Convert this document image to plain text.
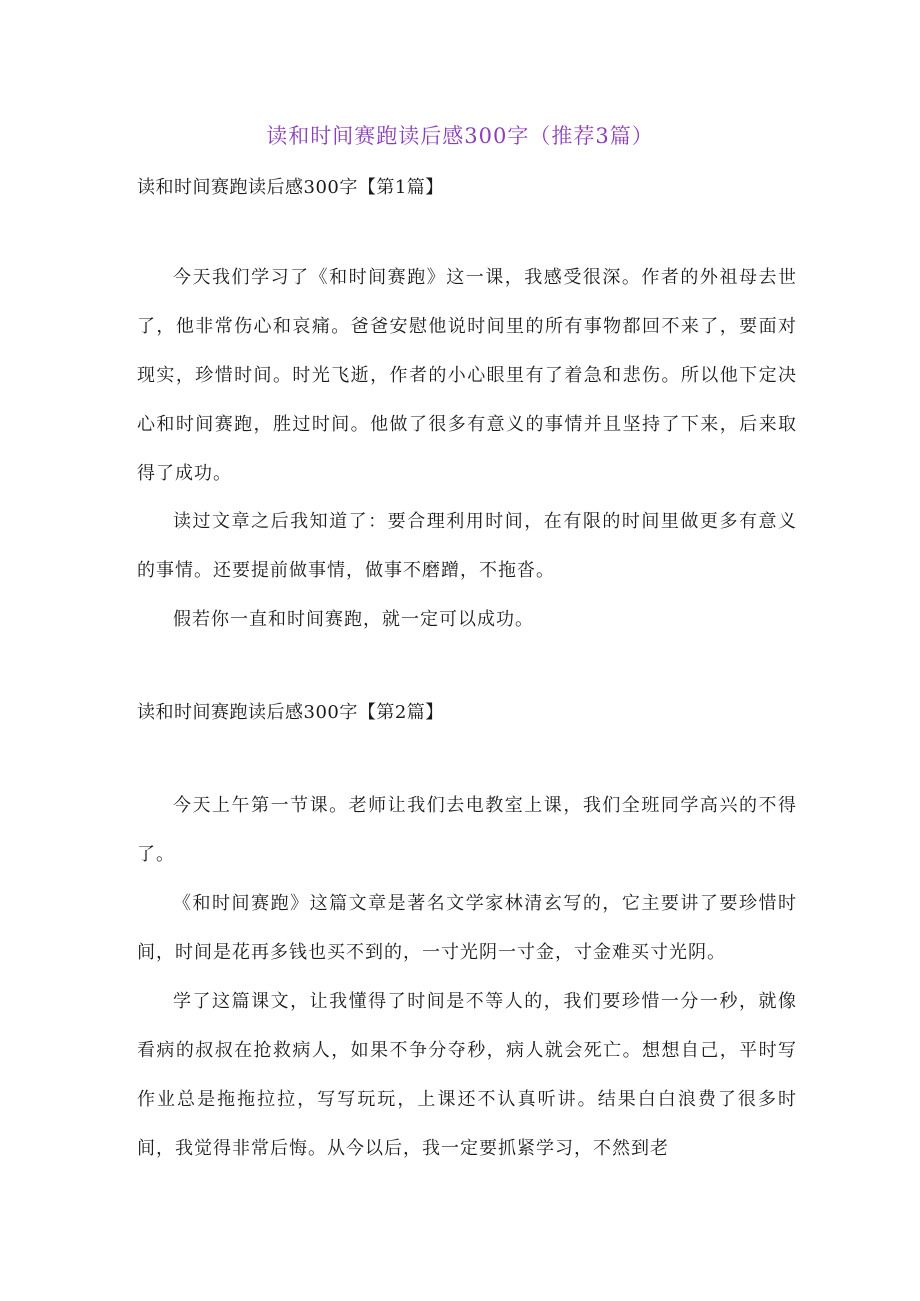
读和时间赛跑读后感300字（推荐3篇）
读和时间赛跑读后感300字【第1篇】

今天我们学习了《和时间赛跑》这一课，我感受很深。作者的外祖母去世了，他非常伤心和哀痛。爸爸安慰他说时间里的所有事物都回不来了，要面对现实，珍惜时间。时光飞逝，作者的小心眼里有了着急和悲伤。所以他下定决心和时间赛跑，胜过时间。他做了很多有意义的事情并且坚持了下来，后来取得了成功。

读过文章之后我知道了：要合理利用时间，在有限的时间里做更多有意义的事情。还要提前做事情，做事不磨蹭，不拖沓。

假若你一直和时间赛跑，就一定可以成功。

读和时间赛跑读后感300字【第2篇】

今天上午第一节课。老师让我们去电教室上课，我们全班同学高兴的不得了。

《和时间赛跑》这篇文章是著名文学家林清玄写的，它主要讲了要珍惜时间，时间是花再多钱也买不到的，一寸光阴一寸金，寸金难买寸光阴。

学了这篇课文，让我懂得了时间是不等人的，我们要珍惜一分一秒，就像看病的叔叔在抢救病人，如果不争分夺秒，病人就会死亡。想想自己，平时写作业总是拖拖拉拉，写写玩玩，上课还不认真听讲。结果白白浪费了很多时间，我觉得非常后悔。从今以后，我一定要抓紧学习，不然到老
